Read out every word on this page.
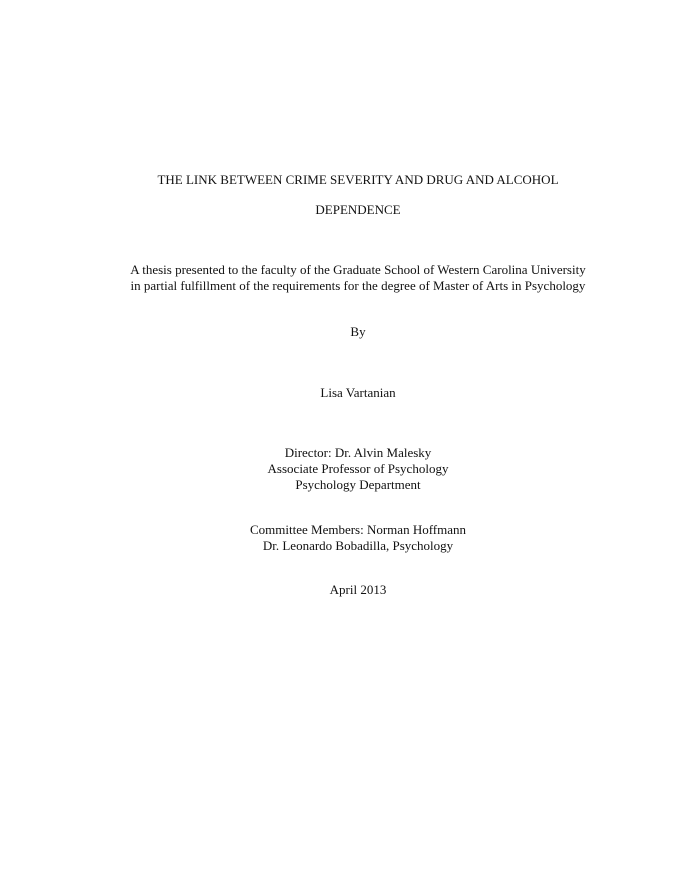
THE LINK BETWEEN CRIME SEVERITY AND DRUG AND ALCOHOL
DEPENDENCE
A thesis presented to the faculty of the Graduate School of Western Carolina University
in partial fulfillment of the requirements for the degree of Master of Arts in Psychology
By
Lisa Vartanian
Director: Dr. Alvin Malesky
Associate Professor of Psychology
Psychology Department
Committee Members: Norman Hoffmann
Dr. Leonardo Bobadilla, Psychology
April 2013
